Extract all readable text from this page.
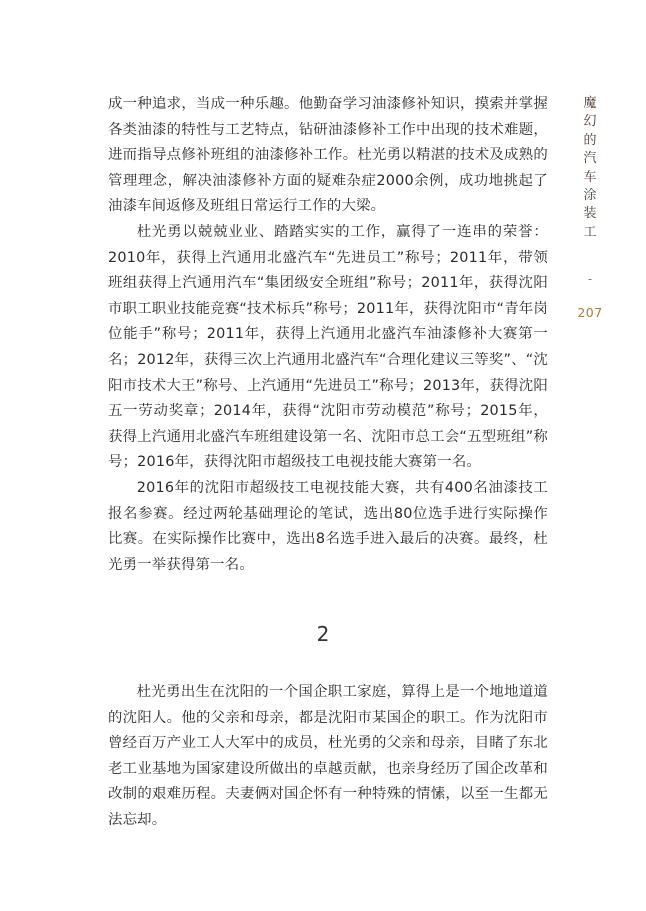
成一种追求，当成一种乐趣。他勤奋学习油漆修补知识，摸索并掌握各类油漆的特性与工艺特点，钻研油漆修补工作中出现的技术难题，进而指导点修补班组的油漆修补工作。杜光勇以精湛的技术及成熟的管理理念，解决油漆修补方面的疑难杂症2000余例，成功地挑起了油漆车间返修及班组日常运行工作的大梁。

杜光勇以兢兢业业、踏踏实实的工作，赢得了一连串的荣誉：2010年，获得上汽通用北盛汽车“先进员工”称号；2011年，带领班组获得上汽通用汽车“集团级安全班组”称号；2011年，获得沈阳市职工职业技能竞赛“技术标兵”称号；2011年，获得沈阳市“青年岗位能手”称号；2011年，获得上汽通用北盛汽车油漆修补大赛第一名；2012年，获得三次上汽通用北盛汽车“合理化建议三等奖”、“沈阳市技术大王”称号、上汽通用“先进员工”称号；2013年，获得沈阳五一劳动奖章；2014年，获得“沈阳市劳动模范”称号；2015年，获得上汽通用北盛汽车班组建设第一名、沈阳市总工会“五型班组”称号；2016年，获得沈阳市超级技工电视技能大赛第一名。

2016年的沈阳市超级技工电视技能大赛，共有400名油漆技工报名参赛。经过两轮基础理论的笔试，选出80位选手进行实际操作比赛。在实际操作比赛中，选出8名选手进入最后的决赛。最终，杜光勇一举获得第一名。

2

杜光勇出生在沈阳的一个国企职工家庭，算得上是一个地地道道的沈阳人。他的父亲和母亲，都是沈阳市某国企的职工。作为沈阳市曾经百万产业工人大军中的成员，杜光勇的父亲和母亲，目睹了东北老工业基地为国家建设所做出的卓越贡献，也亲身经历了国企改革和改制的艰难历程。夫妻俩对国企怀有一种特殊的情愫，以至一生都无法忘却。

魔幻的汽车涂装工
-
207
